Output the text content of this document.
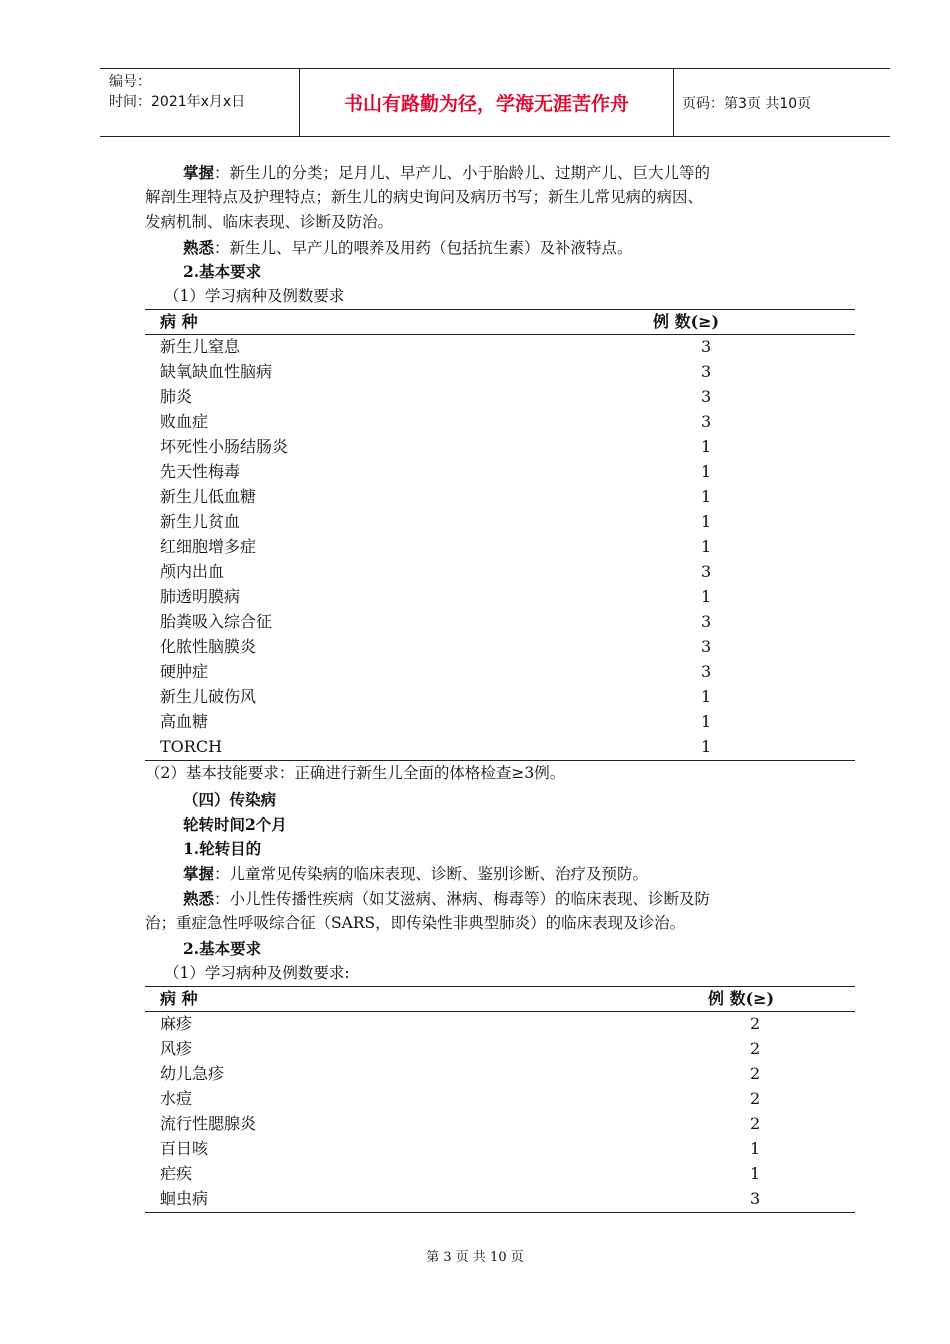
编号：
时间：2021年x月x日	书山有路勤为径，学海无涯苦作舟	页码：第3页 共10页
掌握：新生儿的分类；足月儿、早产儿、小于胎龄儿、过期产儿、巨大儿等的
解剖生理特点及护理特点；新生儿的病史询问及病历书写；新生儿常见病的病因、
发病机制、临床表现、诊断及防治。
熟悉：新生儿、早产儿的喂养及用药（包括抗生素）及补液特点。
2.基本要求
（1）学习病种及例数要求
病 种	例 数(≥)
新生儿窒息	3
缺氧缺血性脑病	3
肺炎	3
败血症	3
坏死性小肠结肠炎	1
先天性梅毒	1
新生儿低血糖	1
新生儿贫血	1
红细胞增多症	1
颅内出血	3
肺透明膜病	1
胎粪吸入综合征	3
化脓性脑膜炎	3
硬肿症	3
新生儿破伤风	1
高血糖	1
TORCH	1
（2）基本技能要求：正确进行新生儿全面的体格检查≥3例。
（四）传染病
轮转时间2个月
1.轮转目的
掌握：儿童常见传染病的临床表现、诊断、鉴别诊断、治疗及预防。
熟悉：小儿性传播性疾病（如艾滋病、淋病、梅毒等）的临床表现、诊断及防
治；重症急性呼吸综合征（SARS，即传染性非典型肺炎）的临床表现及诊治。
2.基本要求
（1）学习病种及例数要求:
病 种	例 数(≥)
麻疹	2
风疹	2
幼儿急疹	2
水痘	2
流行性腮腺炎	2
百日咳	1
疟疾	1
蛔虫病	3
第 3 页 共 10 页
